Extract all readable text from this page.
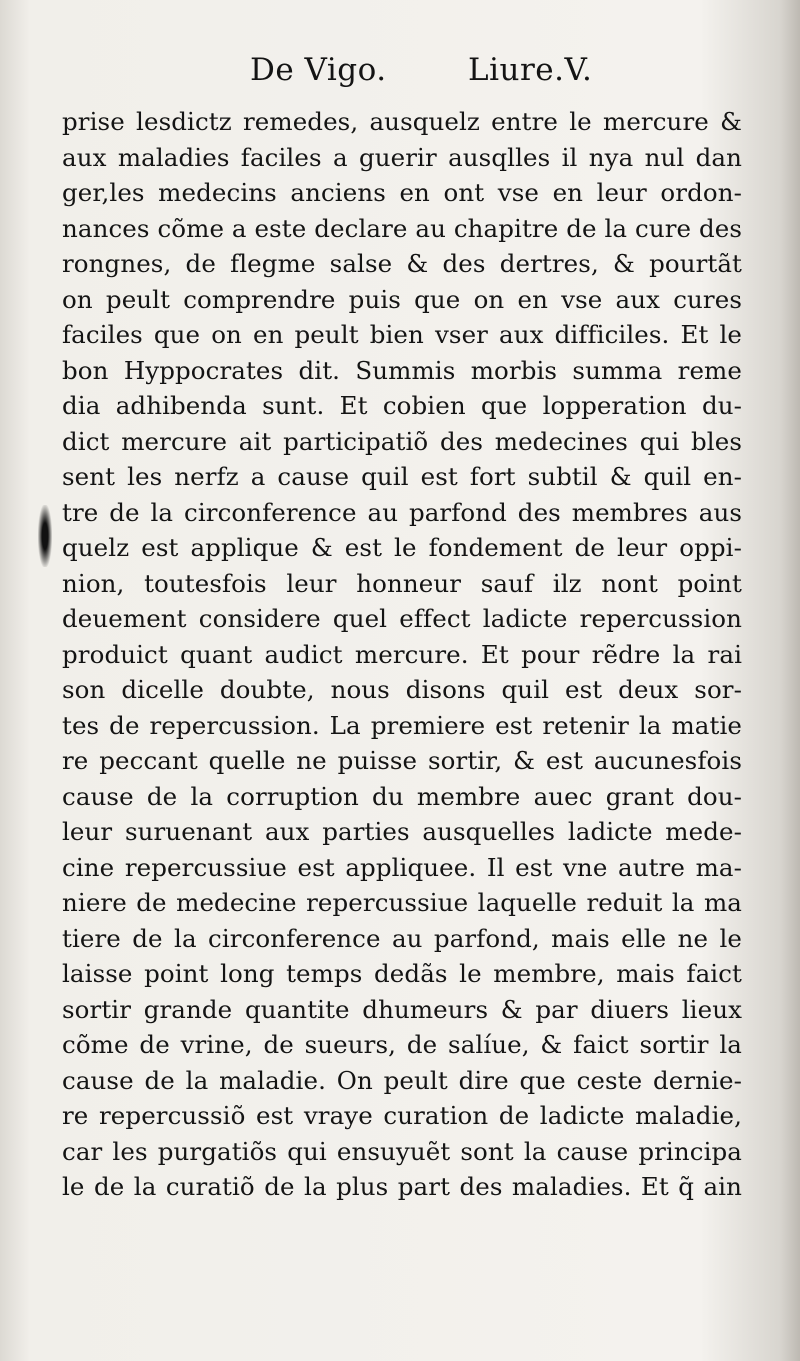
De Vigo.	Liure.V.
prise lesdictz remedes, ausquelz entre le mercure &
aux maladies faciles a guerir ausqlles il nya nul dan
ger,les medecins anciens en ont vse en leur ordon-
nances cõme a este declare au chapitre de la cure des
rongnes, de flegme salse & des dertres, & pourtãt
on peult comprendre puis que on en vse aux cures
faciles que on en peult bien vser aux difficiles. Et le
bon Hyppocrates dit. Summis morbis summa reme
dia adhibenda sunt. Et cobien que lopperation du-
dict mercure ait participatiõ des medecines qui bles
sent les nerfz a cause quil est fort subtil & quil en-
tre de la circonference au parfond des membres aus
quelz est applique & est le fondement de leur oppi-
nion, toutesfois leur honneur sauf ilz nont point
deuement considere quel effect ladicte repercussion
produict quant audict mercure. Et pour rẽdre la rai
son dicelle doubte, nous disons quil est deux sor-
tes de repercussion. La premiere est retenir la matie
re peccant quelle ne puisse sortir, & est aucunesfois
cause de la corruption du membre auec grant dou-
leur suruenant aux parties ausquelles ladicte mede-
cine repercussiue est appliquee. Il est vne autre ma-
niere de medecine repercussiue laquelle reduit la ma
tiere de la circonference au parfond, mais elle ne le
laisse point long temps dedãs le membre, mais faict
sortir grande quantite dhumeurs & par diuers lieux
cõme de vrine, de sueurs, de salíue, & faict sortir la
cause de la maladie. On peult dire que ceste dernie-
re repercussiõ est vraye curation de ladicte maladie,
car les purgatiõs qui ensuyuẽt sont la cause principa
le de la curatiõ de la plus part des maladies. Et q̃ ain
